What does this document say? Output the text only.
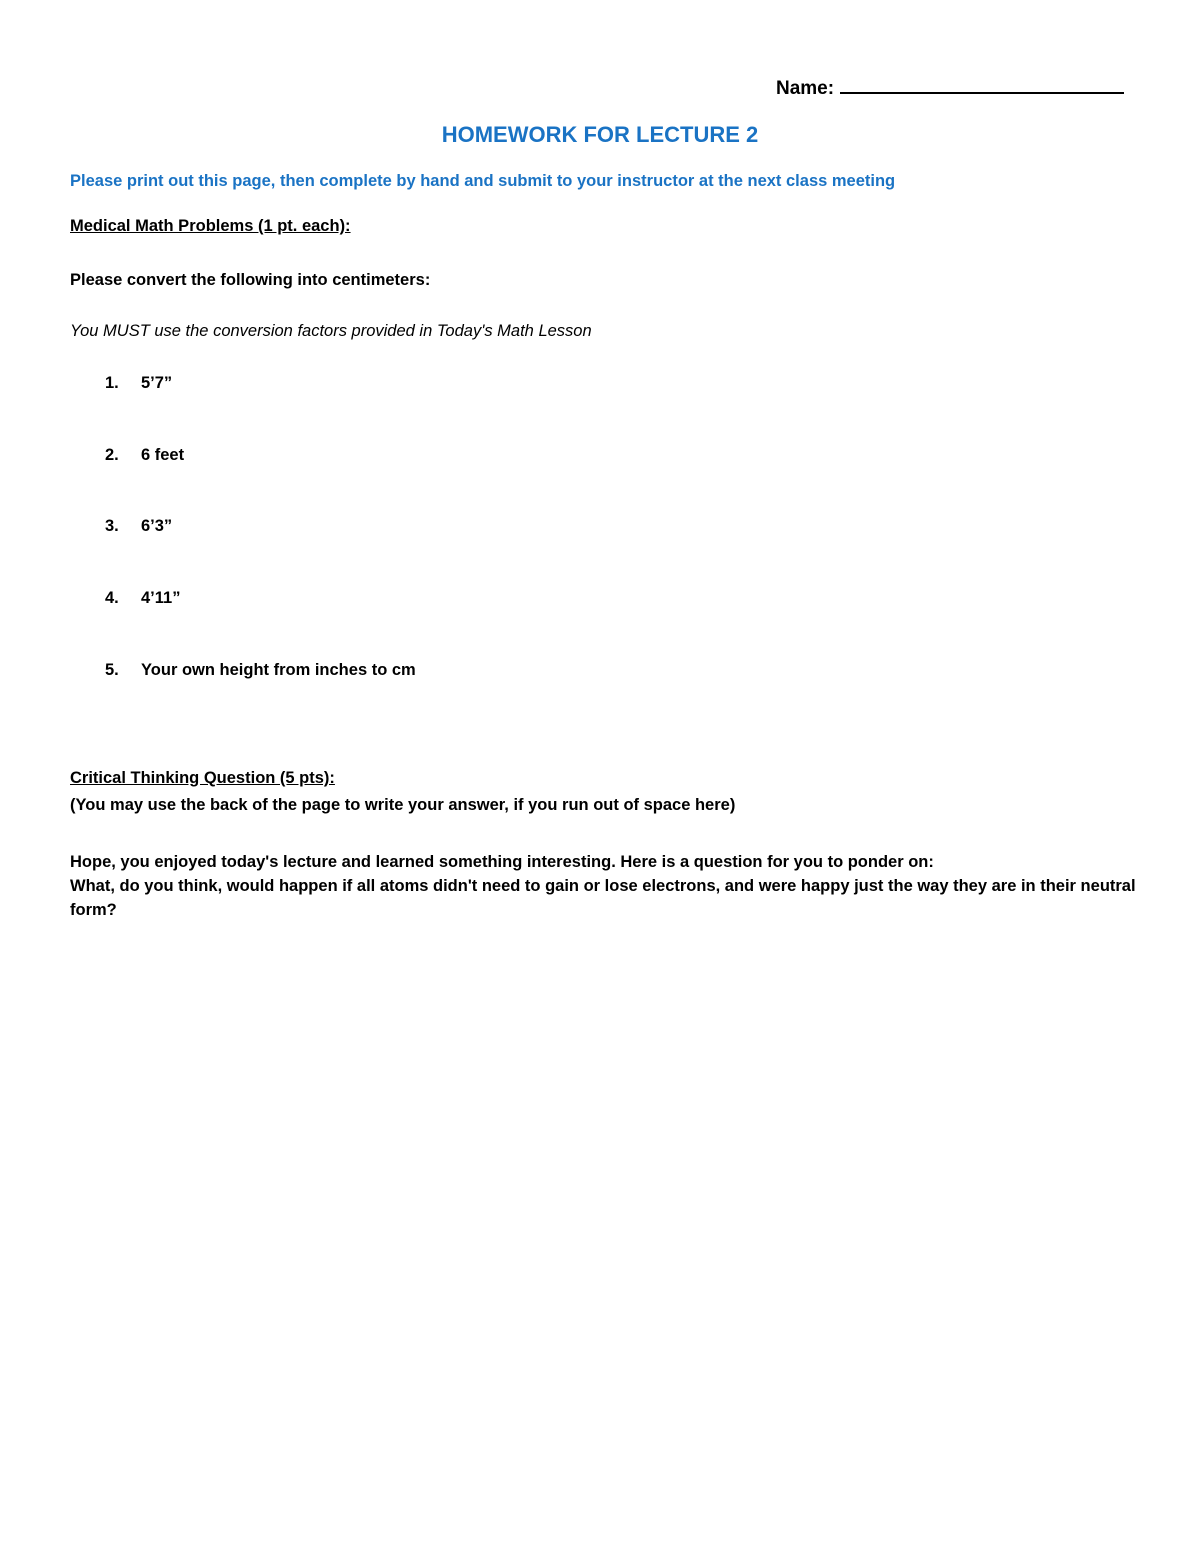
Name:
HOMEWORK FOR LECTURE 2
Please print out this page, then complete by hand and submit to your instructor at the next class meeting
Medical Math Problems (1 pt. each):
Please convert the following into centimeters:
You MUST use the conversion factors provided in Today's Math Lesson
1.	5’7”
2.	6 feet
3.	6’3”
4.	4’11”
5.	Your own height from inches to cm
Critical Thinking Question (5 pts):
(You may use the back of the page to write your answer, if you run out of space here)
Hope, you enjoyed today's lecture and learned something interesting. Here is a question for you to ponder on:
What, do you think, would happen if all atoms didn't need to gain or lose electrons, and were happy just the way they are in their neutral form?
